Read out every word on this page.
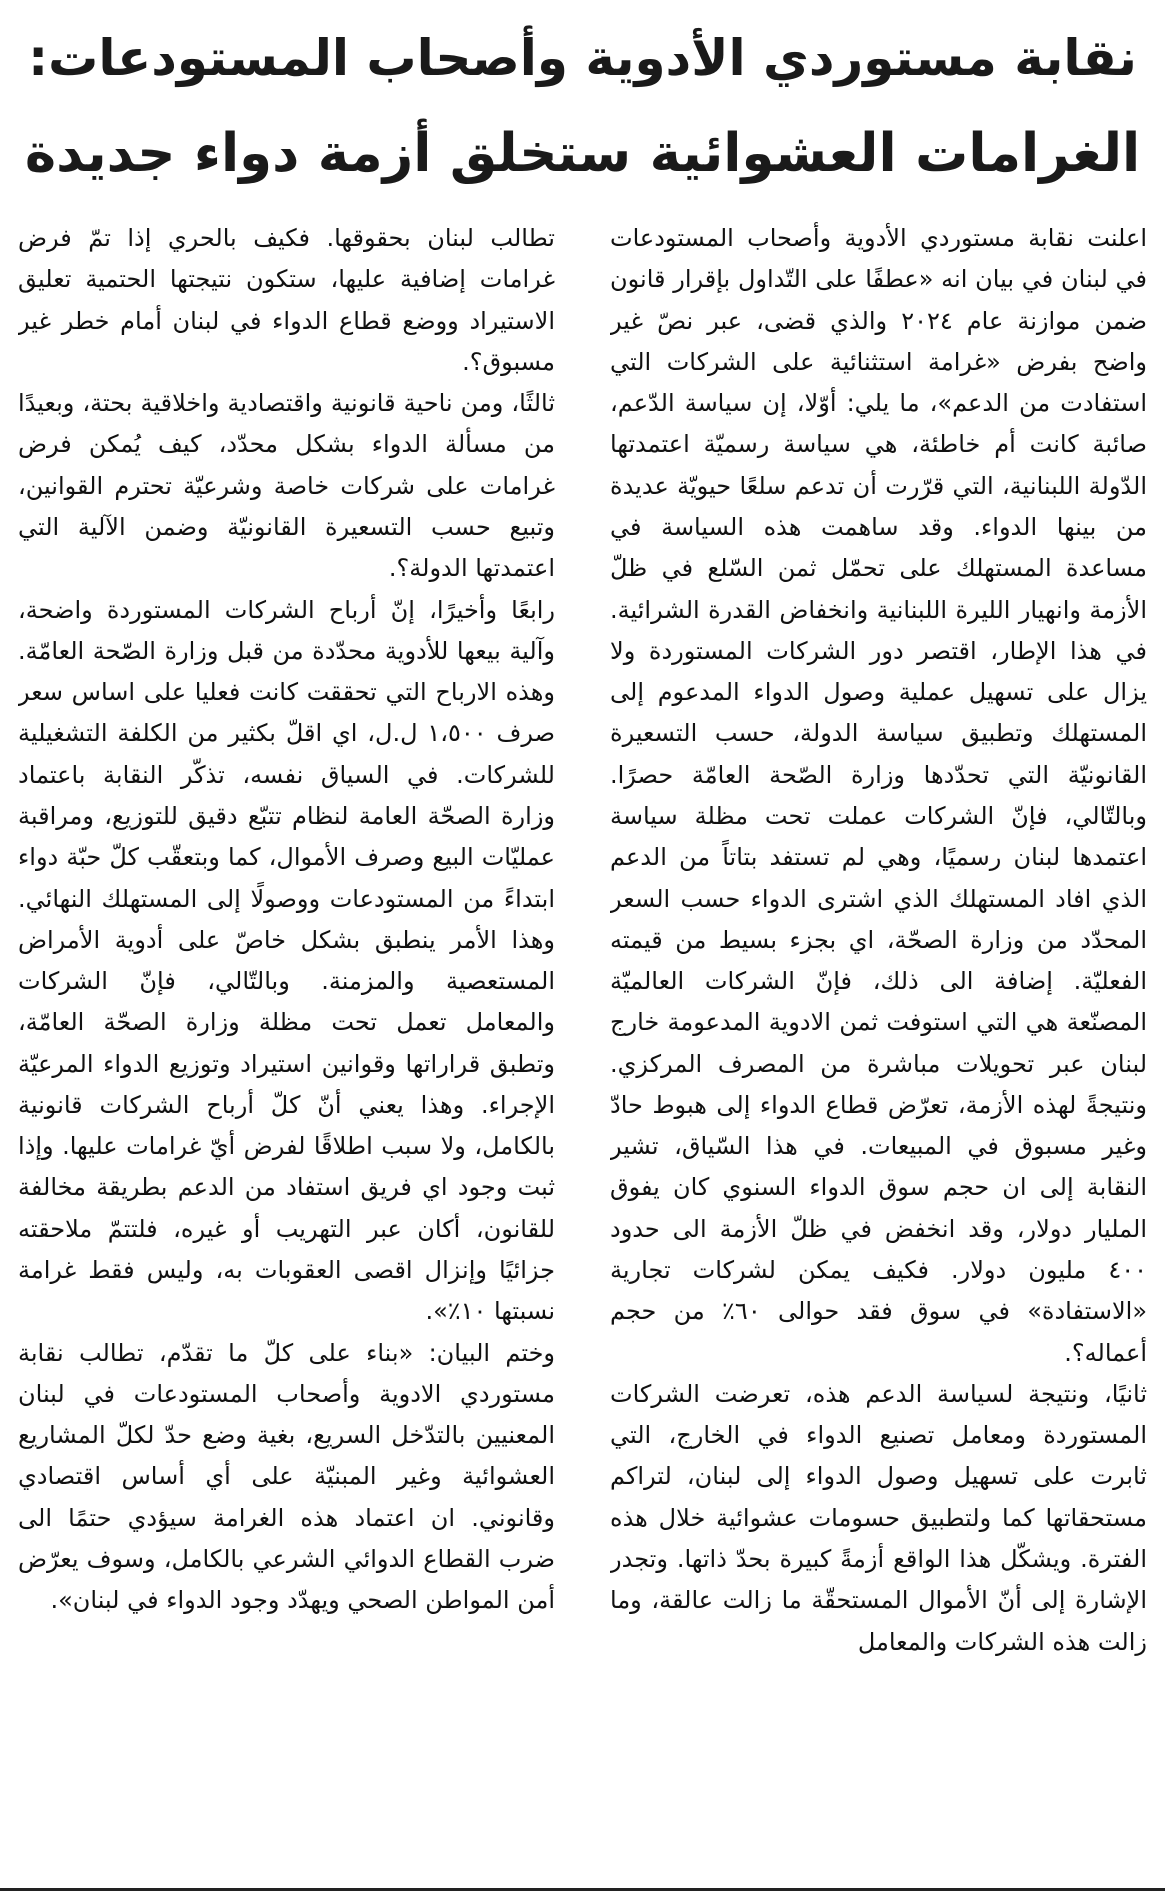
نقابة مستوردي الأدوية وأصحاب المستودعات:
الغرامات العشوائية ستخلق أزمة دواء جديدة

اعلنت نقابة مستوردي الأدوية وأصحاب المستودعات في لبنان في بيان انه «عطفًا على التّداول بإقرار قانون ضمن موازنة عام ٢٠٢٤ والذي قضى، عبر نصّ غير واضح بفرض «غرامة استثنائية على الشركات التي استفادت من الدعم»، ما يلي: أوّلا، إن سياسة الدّعم، صائبة كانت أم خاطئة، هي سياسة رسميّة اعتمدتها الدّولة اللبنانية، التي قرّرت أن تدعم سلعًا حيويّة عديدة من بينها الدواء. وقد ساهمت هذه السياسة في مساعدة المستهلك على تحمّل ثمن السّلع في ظلّ الأزمة وانهيار الليرة اللبنانية وانخفاض القدرة الشرائية. في هذا الإطار، اقتصر دور الشركات المستوردة ولا يزال على تسهيل عملية وصول الدواء المدعوم إلى المستهلك وتطبيق سياسة الدولة، حسب التسعيرة القانونيّة التي تحدّدها وزارة الصّحة العامّة حصرًا. وبالتّالي، فإنّ الشركات عملت تحت مظلة سياسة اعتمدها لبنان رسميًا، وهي لم تستفد بتاتاً من الدعم الذي افاد المستهلك الذي اشترى الدواء حسب السعر المحدّد من وزارة الصحّة، اي بجزء بسيط من قيمته الفعليّة. إضافة الى ذلك، فإنّ الشركات العالميّة المصنّعة هي التي استوفت ثمن الادوية المدعومة خارج لبنان عبر تحويلات مباشرة من المصرف المركزي. ونتيجةً لهذه الأزمة، تعرّض قطاع الدواء إلى هبوط حادّ وغير مسبوق في المبيعات. في هذا السّياق، تشير النقابة إلى ان حجم سوق الدواء السنوي كان يفوق المليار دولار، وقد انخفض في ظلّ الأزمة الى حدود ٤٠٠ مليون دولار. فكيف يمكن لشركات تجارية «الاستفادة» في سوق فقد حوالى ٦٠٪ من حجم أعماله؟.

ثانيًا، ونتيجة لسياسة الدعم هذه، تعرضت الشركات المستوردة ومعامل تصنيع الدواء في الخارج، التي ثابرت على تسهيل وصول الدواء إلى لبنان، لتراكم مستحقاتها كما ولتطبيق حسومات عشوائية خلال هذه الفترة. ويشكّل هذا الواقع أزمةً كبيرة بحدّ ذاتها. وتجدر الإشارة إلى أنّ الأموال المستحقّة ما زالت عالقة، وما زالت هذه الشركات والمعامل

تطالب لبنان بحقوقها. فكيف بالحري إذا تمّ فرض غرامات إضافية عليها، ستكون نتيجتها الحتمية تعليق الاستيراد ووضع قطاع الدواء في لبنان أمام خطر غير مسبوق؟.

ثالثًا، ومن ناحية قانونية واقتصادية واخلاقية بحتة، وبعيدًا من مسألة الدواء بشكل محدّد، كيف يُمكن فرض غرامات على شركات خاصة وشرعيّة تحترم القوانين، وتبيع حسب التسعيرة القانونيّة وضمن الآلية التي اعتمدتها الدولة؟.

رابعًا وأخيرًا، إنّ أرباح الشركات المستوردة واضحة، وآلية بيعها للأدوية محدّدة من قبل وزارة الصّحة العامّة. وهذه الارباح التي تحققت كانت فعليا على اساس سعر صرف ١،٥٠٠ ل.ل، اي اقلّ بكثير من الكلفة التشغيلية للشركات. في السياق نفسه، تذكّر النقابة باعتماد وزارة الصحّة العامة لنظام تتبّع دقيق للتوزيع، ومراقبة عمليّات البيع وصرف الأموال، كما وبتعقّب كلّ حبّة دواء ابتداءً من المستودعات ووصولًا إلى المستهلك النهائي. وهذا الأمر ينطبق بشكل خاصّ على أدوية الأمراض المستعصية والمزمنة. وبالتّالي، فإنّ الشركات والمعامل تعمل تحت مظلة وزارة الصحّة العامّة، وتطبق قراراتها وقوانين استيراد وتوزيع الدواء المرعيّة الإجراء. وهذا يعني أنّ كلّ أرباح الشركات قانونية بالكامل، ولا سبب اطلاقًا لفرض أيّ غرامات عليها. وإذا ثبت وجود اي فريق استفاد من الدعم بطريقة مخالفة للقانون، أكان عبر التهريب أو غيره، فلتتمّ ملاحقته جزائيًا وإنزال اقصى العقوبات به، وليس فقط غرامة نسبتها ١٠٪».

وختم البيان: «بناء على كلّ ما تقدّم، تطالب نقابة مستوردي الادوية وأصحاب المستودعات في لبنان المعنيين بالتدّخل السريع، بغية وضع حدّ لكلّ المشاريع العشوائية وغير المبنيّة على أي أساس اقتصادي وقانوني. ان اعتماد هذه الغرامة سيؤدي حتمًا الى ضرب القطاع الدوائي الشرعي بالكامل، وسوف يعرّض أمن المواطن الصحي ويهدّد وجود الدواء في لبنان».
